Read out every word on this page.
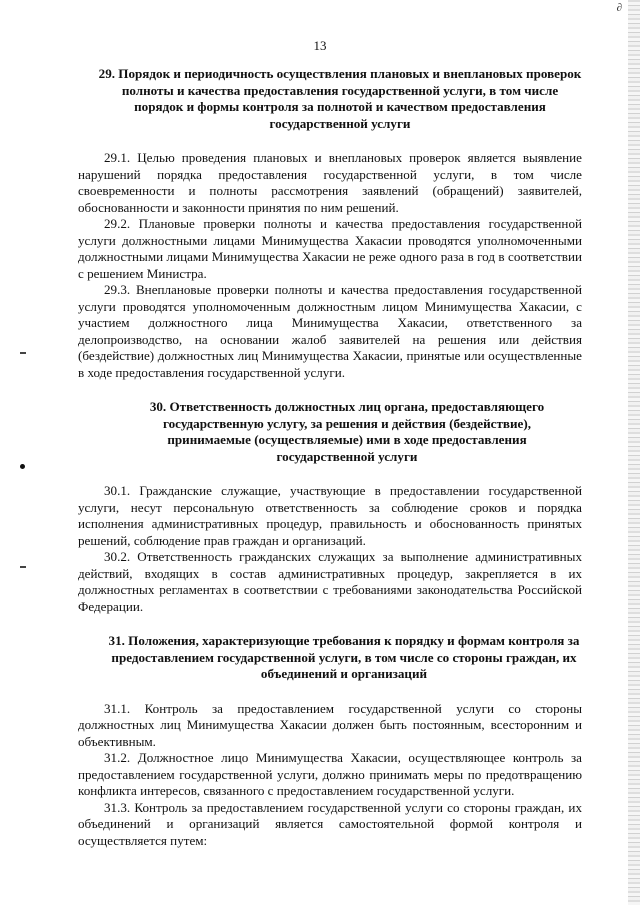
∂
13
29. Порядок и периодичность осуществления плановых и внеплановых проверок полноты и качества предоставления государственной услуги, в том числе порядок и формы контроля за полнотой и качеством предоставления государственной услуги

29.1. Целью проведения плановых и внеплановых проверок является выявление нарушений порядка предоставления государственной услуги, в том числе своевременности и полноты рассмотрения заявлений (обращений) заявителей, обоснованности и законности принятия по ним решений.

29.2. Плановые проверки полноты и качества предоставления государственной услуги должностными лицами Минимущества Хакасии проводятся уполномоченными должностными лицами Минимущества Хакасии не реже одного раза в год в соответствии с решением Министра.

29.3. Внеплановые проверки полноты и качества предоставления государственной услуги проводятся уполномоченным должностным лицом Минимущества Хакасии, с участием должностного лица Минимущества Хакасии, ответственного за делопроизводство, на основании жалоб заявителей на решения или действия (бездействие) должностных лиц Минимущества Хакасии, принятые или осуществленные в ходе предоставления государственной услуги.

30. Ответственность должностных лиц органа, предоставляющего государственную услугу, за решения и действия (бездействие), принимаемые (осуществляемые) ими в ходе предоставления государственной услуги

30.1. Гражданские служащие, участвующие в предоставлении государственной услуги, несут персональную ответственность за соблюдение сроков и порядка исполнения административных процедур, правильность и обоснованность принятых решений, соблюдение прав граждан и организаций.

30.2. Ответственность гражданских служащих за выполнение административных действий, входящих в состав административных процедур, закрепляется в их должностных регламентах в соответствии с требованиями законодательства Российской Федерации.

31. Положения, характеризующие требования к порядку и формам контроля за предоставлением государственной услуги, в том числе со стороны граждан, их объединений и организаций

31.1. Контроль за предоставлением государственной услуги со стороны должностных лиц Минимущества Хакасии должен быть постоянным, всесторонним и объективным.

31.2. Должностное лицо Минимущества Хакасии, осуществляющее контроль за предоставлением государственной услуги, должно принимать меры по предотвращению конфликта интересов, связанного с предоставлением государственной услуги.

31.3. Контроль за предоставлением государственной услуги со стороны граждан, их объединений и организаций является самостоятельной формой контроля и осуществляется путем:
